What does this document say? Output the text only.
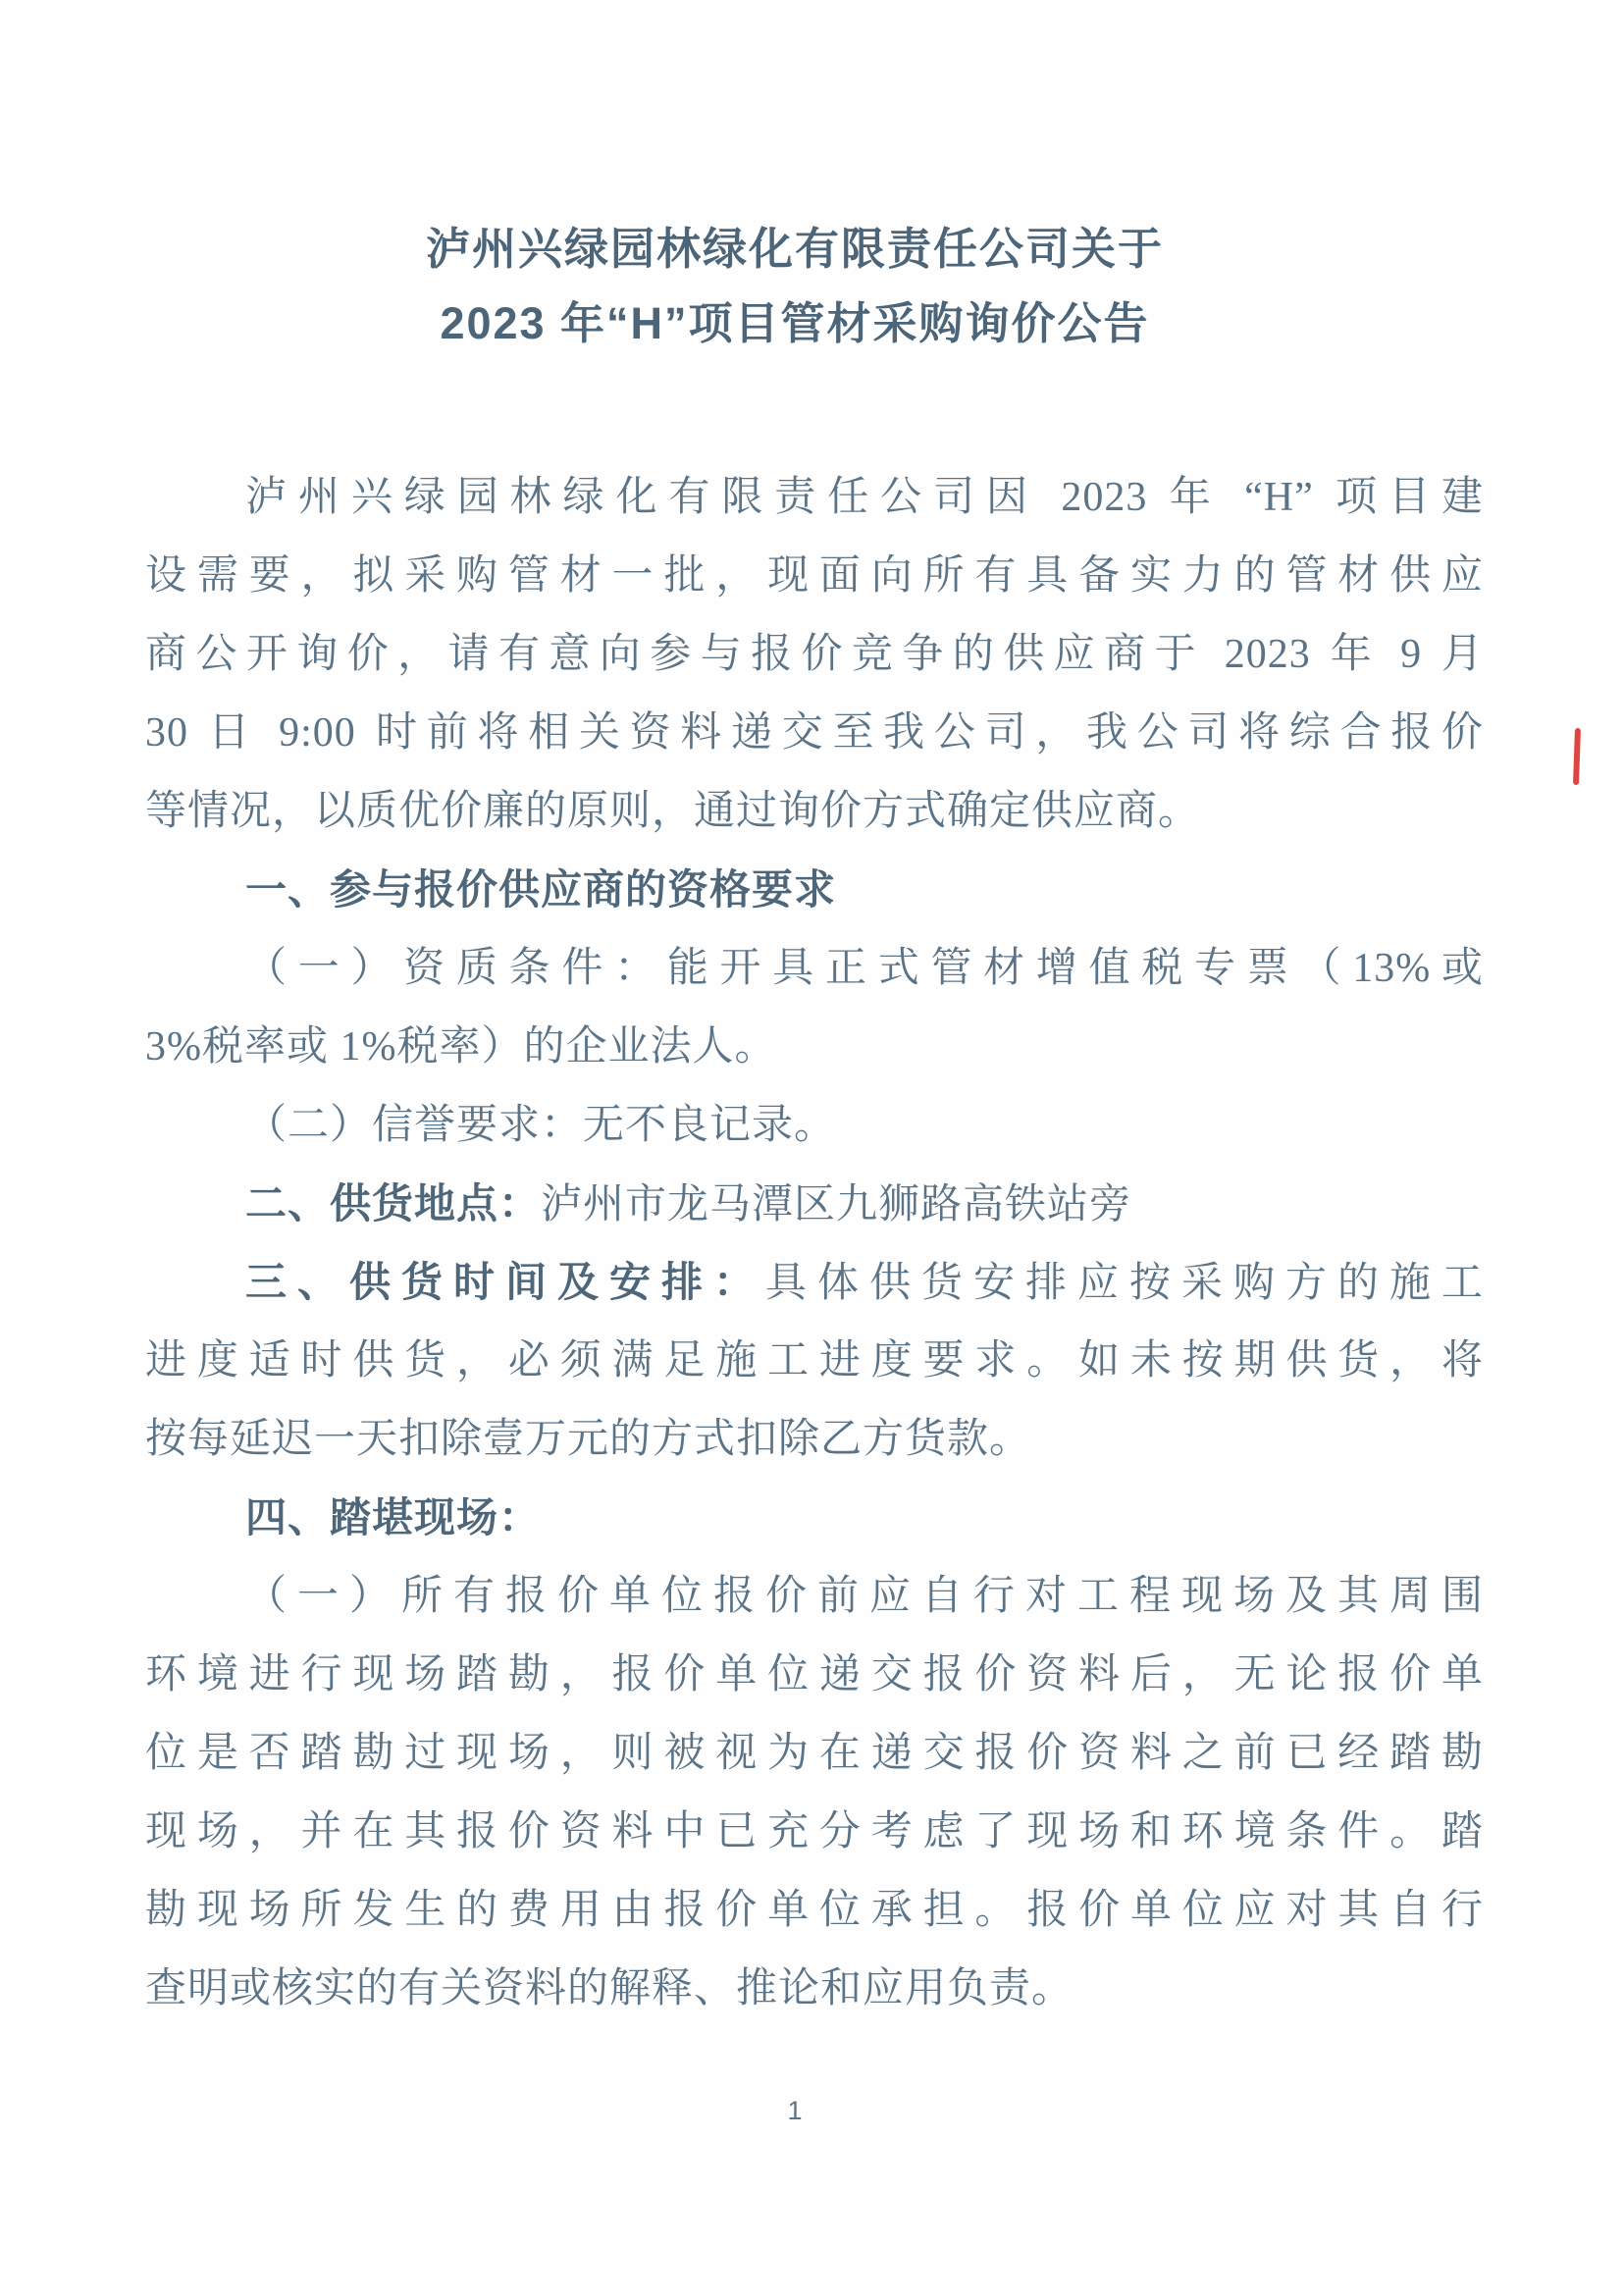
泸州兴绿园林绿化有限责任公司关于
2023 年“H”项目管材采购询价公告
泸州兴绿园林绿化有限责任公司因 2023 年 “H” 项目建
设需要，拟采购管材一批，现面向所有具备实力的管材供应
商公开询价，请有意向参与报价竞争的供应商于 2023 年 9 月
30 日 9:00 时前将相关资料递交至我公司，我公司将综合报价
等情况，以质优价廉的原则，通过询价方式确定供应商。
一、参与报价供应商的资格要求
（一）资质条件：能开具正式管材增值税专票（13%或
3%税率或 1%税率）的企业法人。
（二）信誉要求：无不良记录。
二、供货地点：泸州市龙马潭区九狮路高铁站旁
三、供货时间及安排：具体供货安排应按采购方的施工
进度适时供货，必须满足施工进度要求。如未按期供货，将
按每延迟一天扣除壹万元的方式扣除乙方货款。
四、踏堪现场：
（一）所有报价单位报价前应自行对工程现场及其周围
环境进行现场踏勘，报价单位递交报价资料后，无论报价单
位是否踏勘过现场，则被视为在递交报价资料之前已经踏勘
现场，并在其报价资料中已充分考虑了现场和环境条件。踏
勘现场所发生的费用由报价单位承担。报价单位应对其自行
查明或核实的有关资料的解释、推论和应用负责。
1
